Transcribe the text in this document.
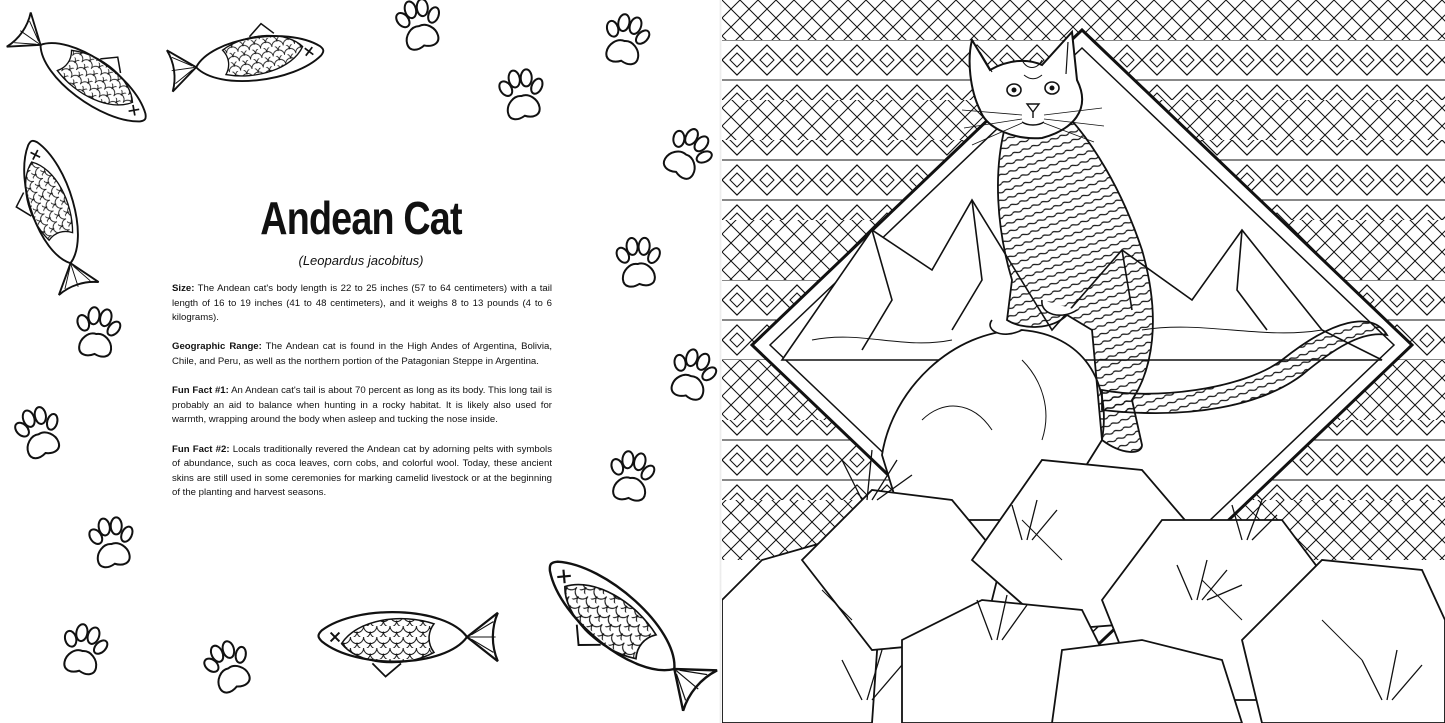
Andean Cat
(Leopardus jacobitus)

Size: The Andean cat's body length is 22 to 25 inches (57 to 64 centimeters) with a tail length of 16 to 19 inches (41 to 48 centimeters), and it weighs 8 to 13 pounds (4 to 6 kilograms).

Geographic Range: The Andean cat is found in the High Andes of Argentina, Bolivia, Chile, and Peru, as well as the northern portion of the Patagonian Steppe in Argentina.

Fun Fact #1: An Andean cat's tail is about 70 percent as long as its body. This long tail is probably an aid to balance when hunting in a rocky habitat. It is likely also used for warmth, wrapping around the body when asleep and tucking the nose inside.

Fun Fact #2: Locals traditionally revered the Andean cat by adorning pelts with symbols of abundance, such as coca leaves, corn cobs, and colorful wool. Today, these ancient skins are still used in some ceremonies for marking camelid livestock or at the beginning of the planting and harvest seasons.
